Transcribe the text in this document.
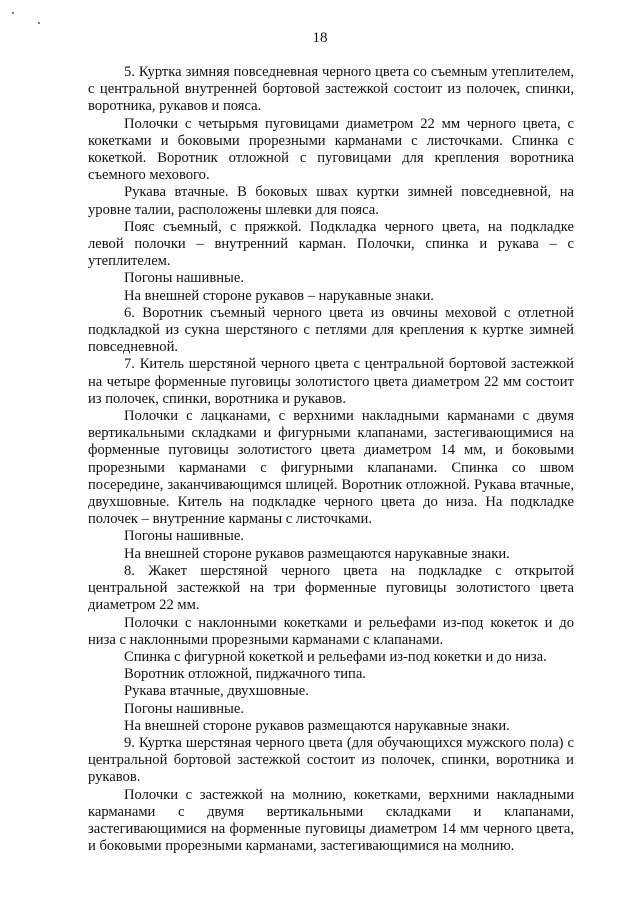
18

5. Куртка зимняя повседневная черного цвета со съемным утеплителем, с центральной внутренней бортовой застежкой состоит из полочек, спинки, воротника, рукавов и пояса.

Полочки с четырьмя пуговицами диаметром 22 мм черного цвета, с кокетками и боковыми прорезными карманами с листочками. Спинка с кокеткой. Воротник отложной с пуговицами для крепления воротника съемного мехового.

Рукава втачные. В боковых швах куртки зимней повседневной, на уровне талии, расположены шлевки для пояса.

Пояс съемный, с пряжкой. Подкладка черного цвета, на подкладке левой полочки – внутренний карман. Полочки, спинка и рукава – с утеплителем.

Погоны нашивные.

На внешней стороне рукавов – нарукавные знаки.

6. Воротник съемный черного цвета из овчины меховой с отлетной подкладкой из сукна шерстяного с петлями для крепления к куртке зимней повседневной.

7. Китель шерстяной черного цвета с центральной бортовой застежкой на четыре форменные пуговицы золотистого цвета диаметром 22 мм состоит из полочек, спинки, воротника и рукавов.

Полочки с лацканами, с верхними накладными карманами с двумя вертикальными складками и фигурными клапанами, застегивающимися на форменные пуговицы золотистого цвета диаметром 14 мм, и боковыми прорезными карманами с фигурными клапанами. Спинка со швом посередине, заканчивающимся шлицей. Воротник отложной. Рукава втачные, двухшовные. Китель на подкладке черного цвета до низа. На подкладке полочек – внутренние карманы с листочками.

Погоны нашивные.

На внешней стороне рукавов размещаются нарукавные знаки.

8. Жакет шерстяной черного цвета на подкладке с открытой центральной застежкой на три форменные пуговицы золотистого цвета диаметром 22 мм.

Полочки с наклонными кокетками и рельефами из-под кокеток и до низа с наклонными прорезными карманами с клапанами.

Спинка с фигурной кокеткой и рельефами из-под кокетки и до низа.

Воротник отложной, пиджачного типа.

Рукава втачные, двухшовные.

Погоны нашивные.

На внешней стороне рукавов размещаются нарукавные знаки.

9. Куртка шерстяная черного цвета (для обучающихся мужского пола) с центральной бортовой застежкой состоит из полочек, спинки, воротника и рукавов.

Полочки с застежкой на молнию, кокетками, верхними накладными карманами с двумя вертикальными складками и клапанами, застегивающимися на форменные пуговицы диаметром 14 мм черного цвета, и боковыми прорезными карманами, застегивающимися на молнию.
